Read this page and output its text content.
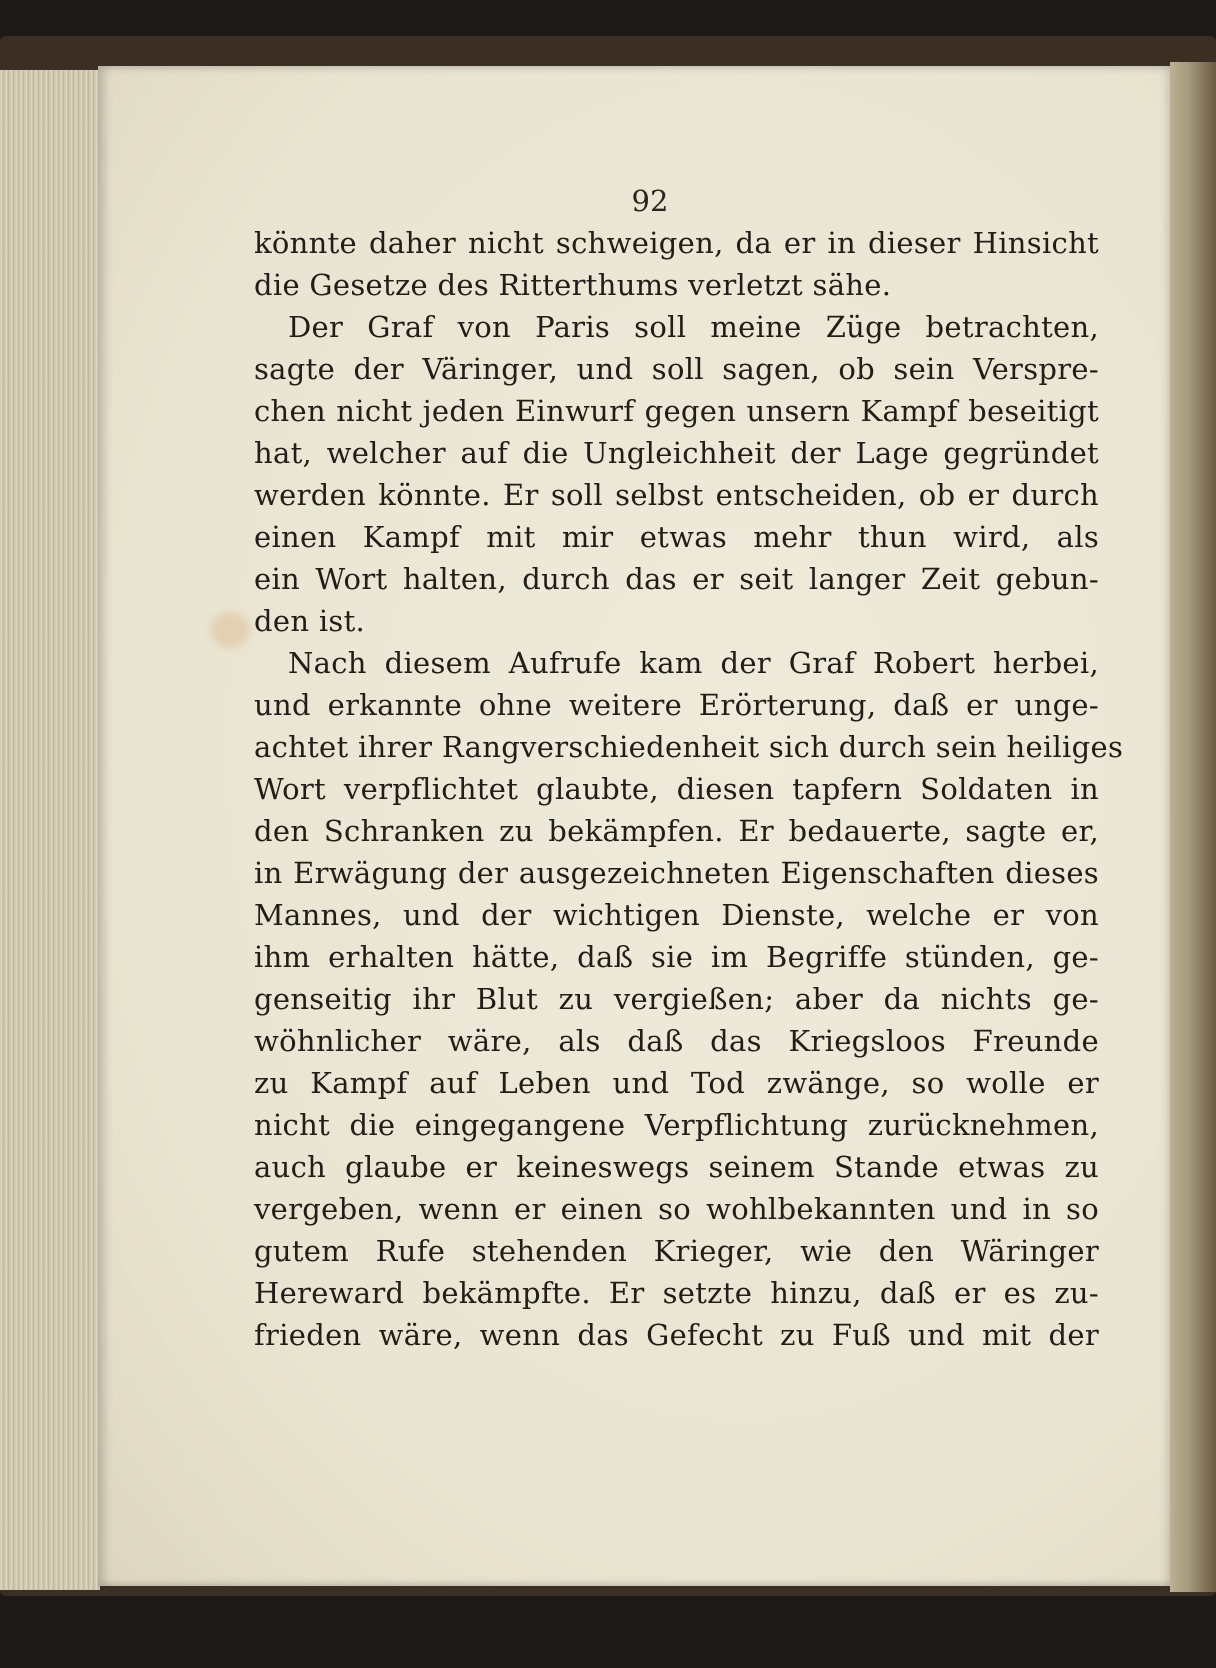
92
könnte daher nicht schweigen, da er in dieser Hinsicht
die Gesetze des Ritterthums verletzt sähe.
Der Graf von Paris soll meine Züge betrachten,
sagte der Väringer, und soll sagen, ob sein Verspre-
chen nicht jeden Einwurf gegen unsern Kampf beseitigt
hat, welcher auf die Ungleichheit der Lage gegründet
werden könnte. Er soll selbst entscheiden, ob er durch
einen Kampf mit mir etwas mehr thun wird, als
ein Wort halten, durch das er seit langer Zeit gebun-
den ist.
Nach diesem Aufrufe kam der Graf Robert herbei,
und erkannte ohne weitere Erörterung, daß er unge-
achtet ihrer Rangverschiedenheit sich durch sein heiliges
Wort verpflichtet glaubte, diesen tapfern Soldaten in
den Schranken zu bekämpfen. Er bedauerte, sagte er,
in Erwägung der ausgezeichneten Eigenschaften dieses
Mannes, und der wichtigen Dienste, welche er von
ihm erhalten hätte, daß sie im Begriffe stünden, ge-
genseitig ihr Blut zu vergießen; aber da nichts ge-
wöhnlicher wäre, als daß das Kriegsloos Freunde
zu Kampf auf Leben und Tod zwänge, so wolle er
nicht die eingegangene Verpflichtung zurücknehmen,
auch glaube er keineswegs seinem Stande etwas zu
vergeben, wenn er einen so wohlbekannten und in so
gutem Rufe stehenden Krieger, wie den Wäringer
Hereward bekämpfte. Er setzte hinzu, daß er es zu-
frieden wäre, wenn das Gefecht zu Fuß und mit der
